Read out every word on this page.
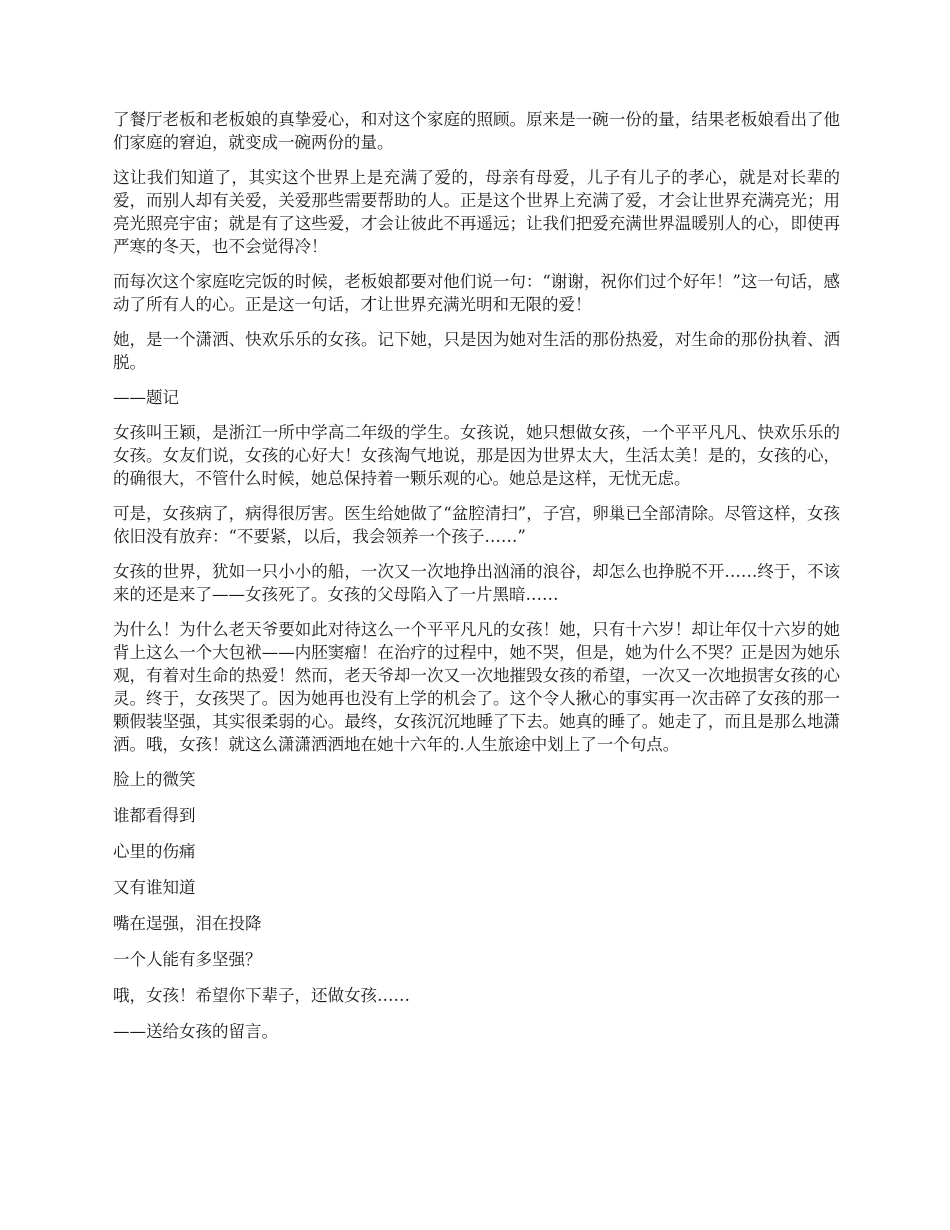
了餐厅老板和老板娘的真挚爱心，和对这个家庭的照顾。原来是一碗一份的量，结果老板娘看出了他们家庭的窘迫，就变成一碗两份的量。

这让我们知道了，其实这个世界上是充满了爱的，母亲有母爱，儿子有儿子的孝心，就是对长辈的爱，而别人却有关爱，关爱那些需要帮助的人。正是这个世界上充满了爱，才会让世界充满亮光；用亮光照亮宇宙；就是有了这些爱，才会让彼此不再遥远；让我们把爱充满世界温暖别人的心，即使再严寒的冬天，也不会觉得冷！

而每次这个家庭吃完饭的时候，老板娘都要对他们说一句：“谢谢，祝你们过个好年！”这一句话，感动了所有人的心。正是这一句话，才让世界充满光明和无限的爱！

她，是一个潇洒、快欢乐乐的女孩。记下她，只是因为她对生活的那份热爱，对生命的那份执着、洒脱。

——题记

女孩叫王颖，是浙江一所中学高二年级的学生。女孩说，她只想做女孩，一个平平凡凡、快欢乐乐的女孩。女友们说，女孩的心好大！女孩淘气地说，那是因为世界太大，生活太美！是的，女孩的心，的确很大，不管什么时候，她总保持着一颗乐观的心。她总是这样，无忧无虑。

可是，女孩病了，病得很厉害。医生给她做了“盆腔清扫”，子宫，卵巢已全部清除。尽管这样，女孩依旧没有放弃：“不要紧，以后，我会领养一个孩子……”

女孩的世界，犹如一只小小的船，一次又一次地挣出汹涌的浪谷，却怎么也挣脱不开……终于，不该来的还是来了——女孩死了。女孩的父母陷入了一片黑暗……

为什么！为什么老天爷要如此对待这么一个平平凡凡的女孩！她，只有十六岁！却让年仅十六岁的她背上这么一个大包袱——内胚窦瘤！在治疗的过程中，她不哭，但是，她为什么不哭？正是因为她乐观，有着对生命的热爱！然而，老天爷却一次又一次地摧毁女孩的希望，一次又一次地损害女孩的心灵。终于，女孩哭了。因为她再也没有上学的机会了。这个令人揪心的事实再一次击碎了女孩的那一颗假装坚强，其实很柔弱的心。最终，女孩沉沉地睡了下去。她真的睡了。她走了，而且是那么地潇洒。哦，女孩！就这么潇潇洒洒地在她十六年的.人生旅途中划上了一个句点。

脸上的微笑

谁都看得到

心里的伤痛

又有谁知道

嘴在逞强，泪在投降

一个人能有多坚强？

哦，女孩！希望你下辈子，还做女孩……

——送给女孩的留言。
